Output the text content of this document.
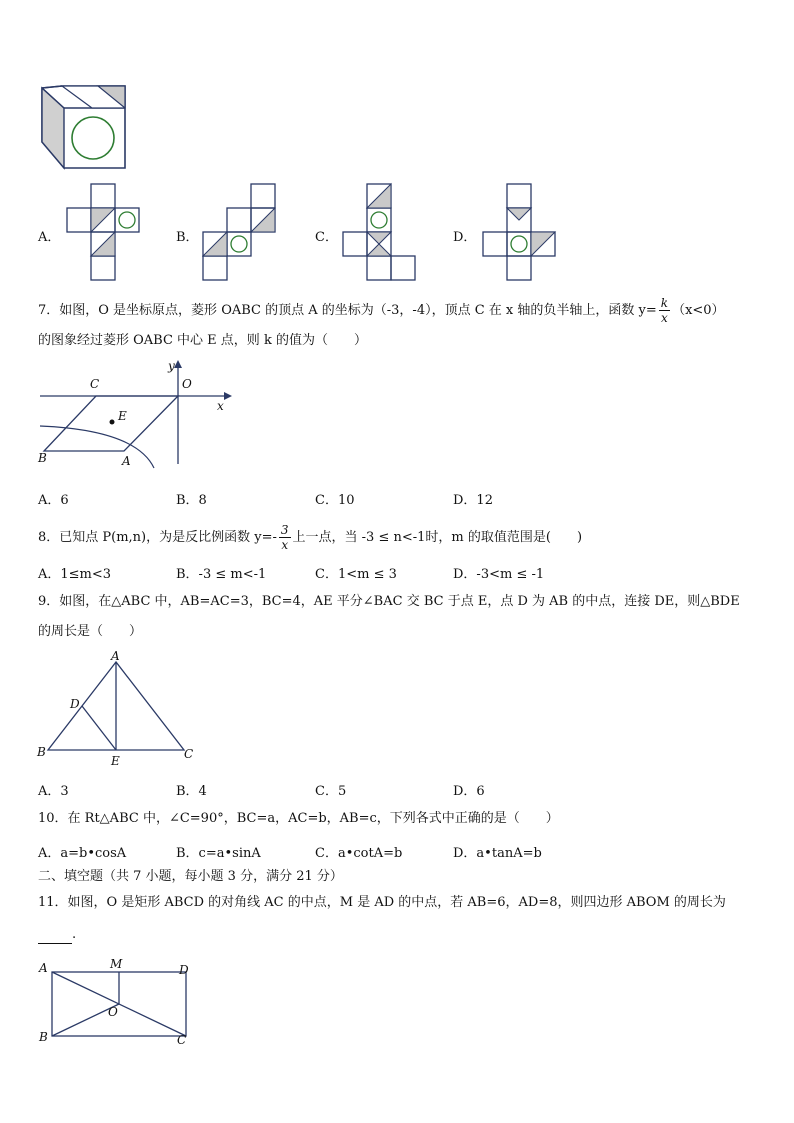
A．	B．	C．	D．
7．如图，O 是坐标原点，菱形 OABC 的顶点 A 的坐标为（-3，-4），顶点 C 在 x 轴的负半轴上，函数 $y= \frac{k}{x} (x<0)$
的图象经过菱形 OABC 中心 E 点，则 k 的值为（　　）
y
x
C	O
E
B	A
A．6	B．8	C．10	D．12
8．已知点 P(m,n)，为是反比例函数 $y=- \frac{3}{x}$ 上一点，当 -3 ≤ n<-1时，m 的取值范围是(　　)
A．1≤m<3	B．-3 ≤ m<-1	C．1<m ≤ 3	D．-3<m ≤ -1
9．如图，在△ABC 中，AB=AC=3，BC=4，AE 平分∠BAC 交 BC 于点 E，点 D 为 AB 的中点，连接 DE，则△BDE
的周长是（　　）
A
D
B
E	C
A．3	B．4	C．5	D．6
10．在 Rt△ABC 中，∠C=90°，BC=a，AC=b，AB=c，下列各式中正确的是（　　）
A．a=b•cosA	B．c=a•sinA	C．a•cotA=b	D．a•tanA=b
二、填空题（共 7 小题，每小题 3 分，满分 21 分）
11．如图，O 是矩形 ABCD 的对角线 AC 的中点，M 是 AD 的中点，若 AB=6，AD=8，则四边形 ABOM 的周长为
.
A	M	D
O
B	C
